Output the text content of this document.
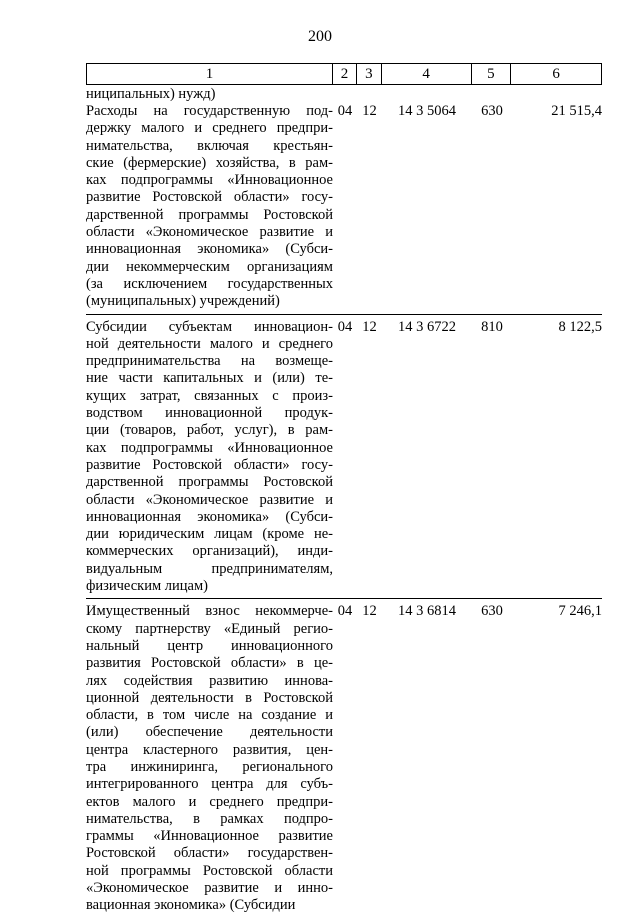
200
1	2	3	4	5	6
ниципальных) нужд)
Расходы на государственную под-
держку малого и среднего предпри-
нимательства, включая крестьян-
ские (фермерские) хозяйства, в рам-
ках подпрограммы «Инновационное
развитие Ростовской области» госу-
дарственной программы Ростовской
области «Экономическое развитие и
инновационная экономика» (Субси-
дии некоммерческим организациям
(за исключением государственных
(муниципальных) учреждений)
04 12	14 3 5064	630	21 515,4
Субсидии субъектам инновацион-
ной деятельности малого и среднего
предпринимательства на возмеще-
ние части капитальных и (или) те-
кущих затрат, связанных с произ-
водством инновационной продук-
ции (товаров, работ, услуг), в рам-
ках подпрограммы «Инновационное
развитие Ростовской области» госу-
дарственной программы Ростовской
области «Экономическое развитие и
инновационная экономика» (Субси-
дии юридическим лицам (кроме не-
коммерческих организаций), инди-
видуальным предпринимателям,
физическим лицам)
04 12	14 3 6722	810	8 122,5
Имущественный взнос некоммерче-
скому партнерству «Единый регио-
нальный центр инновационного
развития Ростовской области» в це-
лях содействия развитию иннова-
ционной деятельности в Ростовской
области, в том числе на создание и
(или) обеспечение деятельности
центра кластерного развития, цен-
тра инжиниринга, регионального
интегрированного центра для субъ-
ектов малого и среднего предпри-
нимательства, в рамках подпро-
граммы «Инновационное развитие
Ростовской области» государствен-
ной программы Ростовской области
«Экономическое развитие и инно-
вационная экономика» (Субсидии
04 12	14 3 6814	630	7 246,1
